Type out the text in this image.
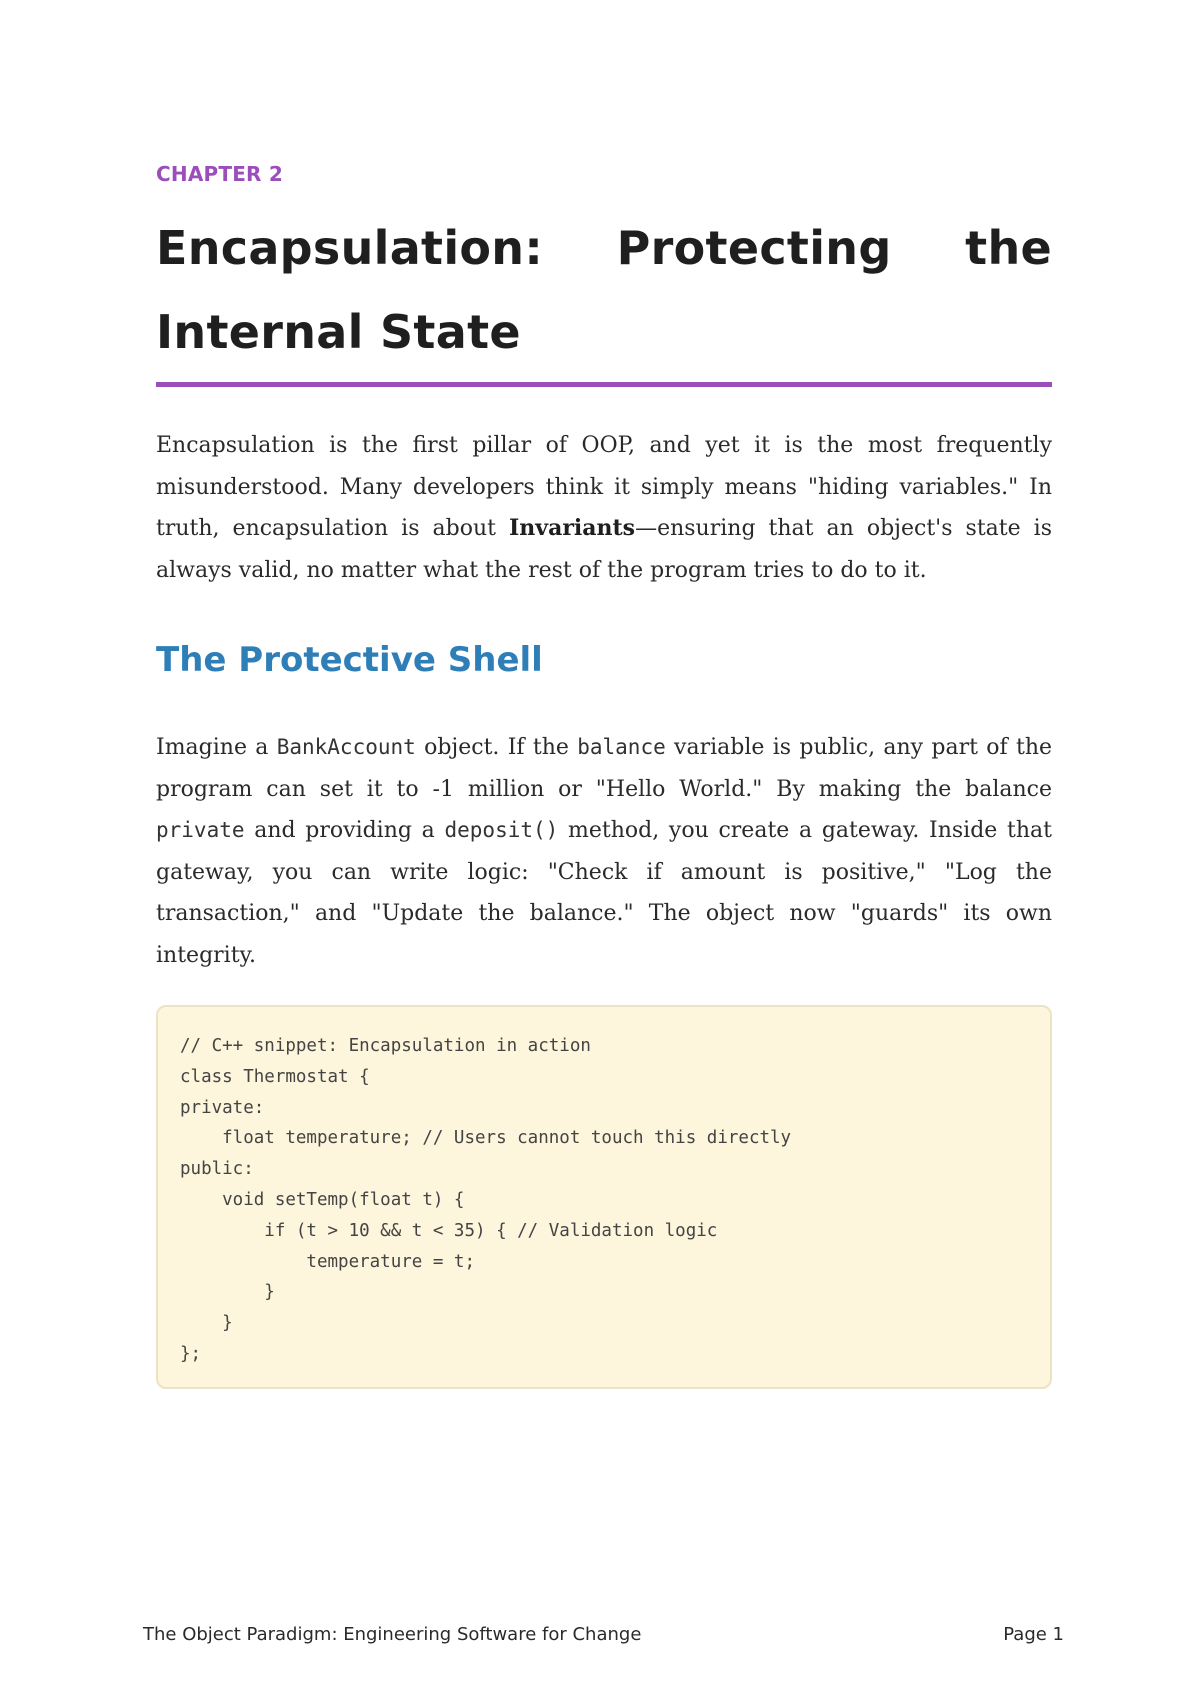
CHAPTER 2
Encapsulation: Protecting the Internal State

Encapsulation is the first pillar of OOP, and yet it is the most frequently misunderstood. Many developers think it simply means "hiding variables." In truth, encapsulation is about Invariants—ensuring that an object's state is always valid, no matter what the rest of the program tries to do to it.

The Protective Shell

Imagine a BankAccount object. If the balance variable is public, any part of the program can set it to -1 million or "Hello World." By making the balance private and providing a deposit() method, you create a gateway. Inside that gateway, you can write logic: "Check if amount is positive," "Log the transaction," and "Update the balance." The object now "guards" its own integrity.

// C++ snippet: Encapsulation in action
class Thermostat {
private:
float temperature; // Users cannot touch this directly
public:
void setTemp(float t) {
if (t > 10 && t < 35) { // Validation logic
temperature = t;
}
}
};
The Object Paradigm: Engineering Software for Change	Page 1
